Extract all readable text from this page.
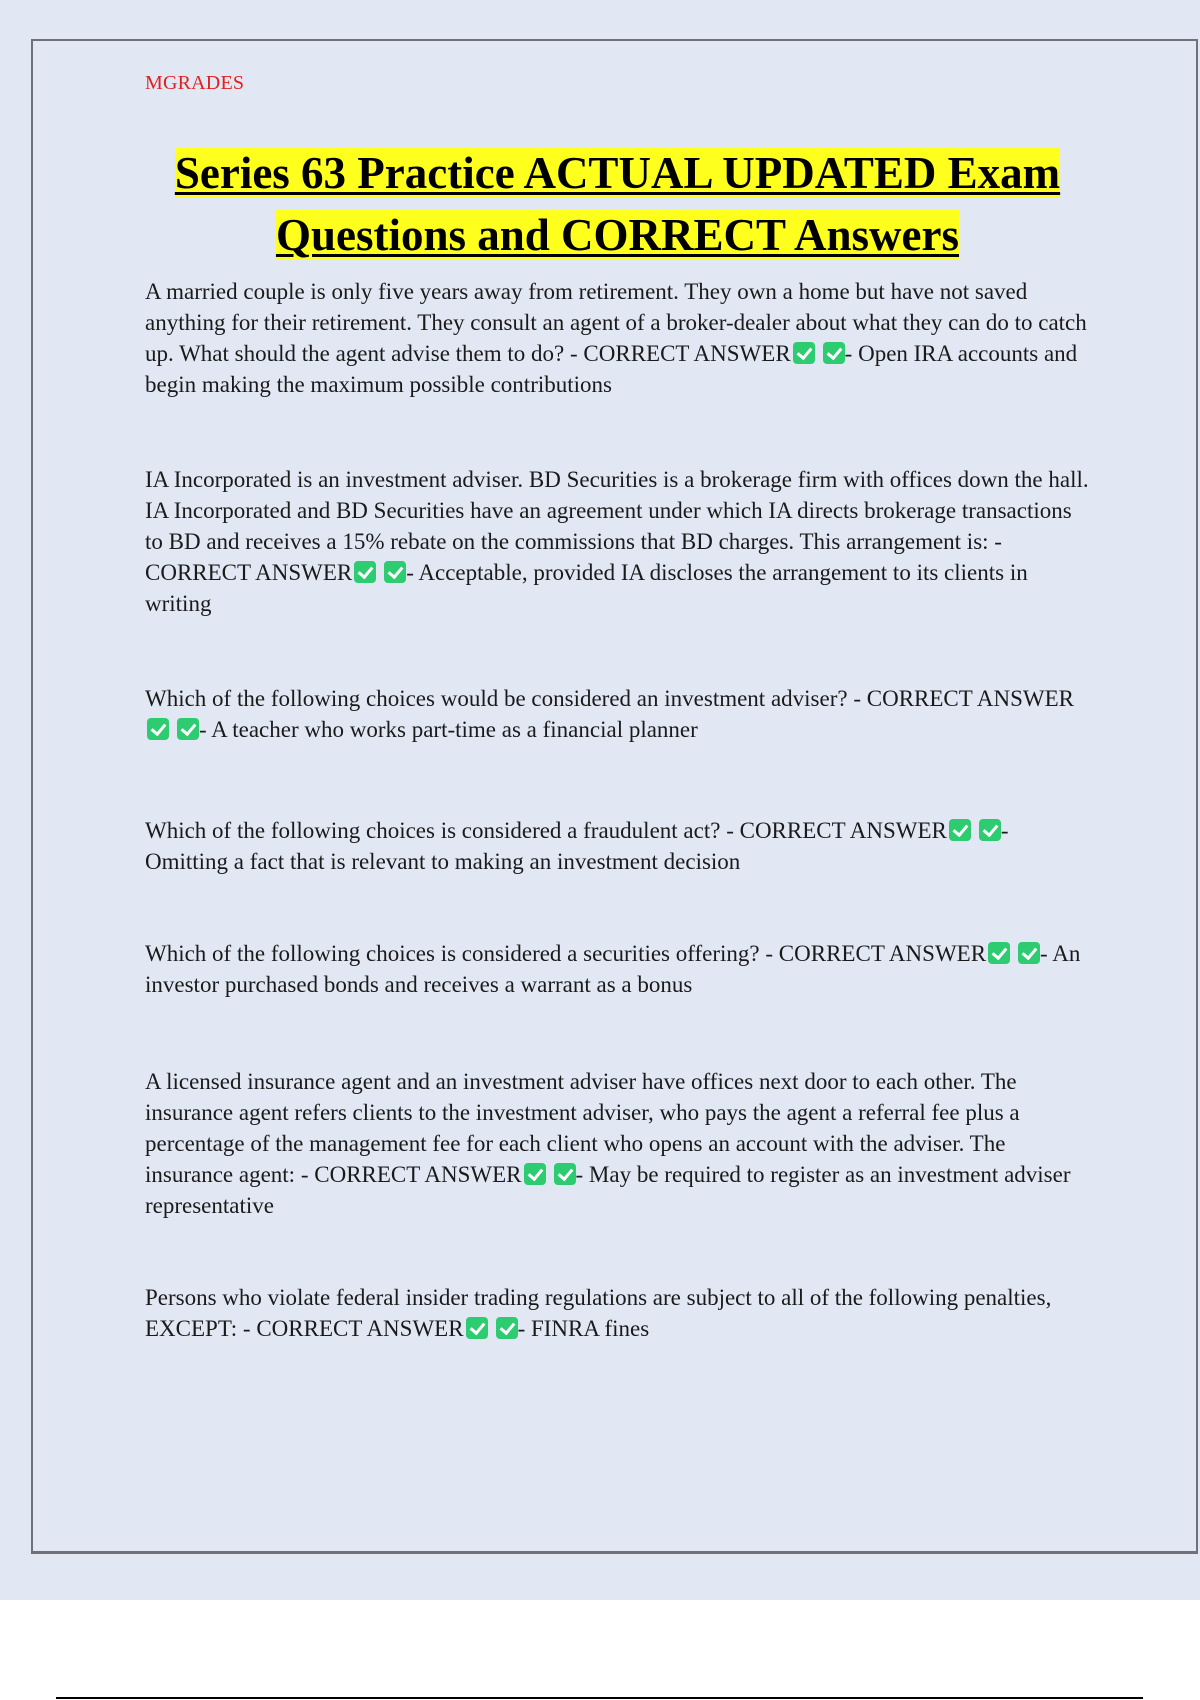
MGRADES
Series 63 Practice ACTUAL UPDATED Exam Questions and CORRECT Answers

A married couple is only five years away from retirement. They own a home but have not saved anything for their retirement. They consult an agent of a broker-dealer about what they can do to catch up. What should the agent advise them to do? - CORRECT ANSWER - Open IRA accounts and begin making the maximum possible contributions

IA Incorporated is an investment adviser. BD Securities is a brokerage firm with offices down the hall. IA Incorporated and BD Securities have an agreement under which IA directs brokerage transactions to BD and receives a 15% rebate on the commissions that BD charges. This arrangement is: - CORRECT ANSWER - Acceptable, provided IA discloses the arrangement to its clients in writing

Which of the following choices would be considered an investment adviser? - CORRECT ANSWER- A teacher who works part-time as a financial planner

Which of the following choices is considered a fraudulent act? - CORRECT ANSWER - Omitting a fact that is relevant to making an investment decision

Which of the following choices is considered a securities offering? - CORRECT ANSWER - An investor purchased bonds and receives a warrant as a bonus

A licensed insurance agent and an investment adviser have offices next door to each other. The insurance agent refers clients to the investment adviser, who pays the agent a referral fee plus a percentage of the management fee for each client who opens an account with the adviser. The insurance agent: - CORRECT ANSWER - May be required to register as an investment adviser representative

Persons who violate federal insider trading regulations are subject to all of the following penalties, EXCEPT: - CORRECT ANSWER - FINRA fines
